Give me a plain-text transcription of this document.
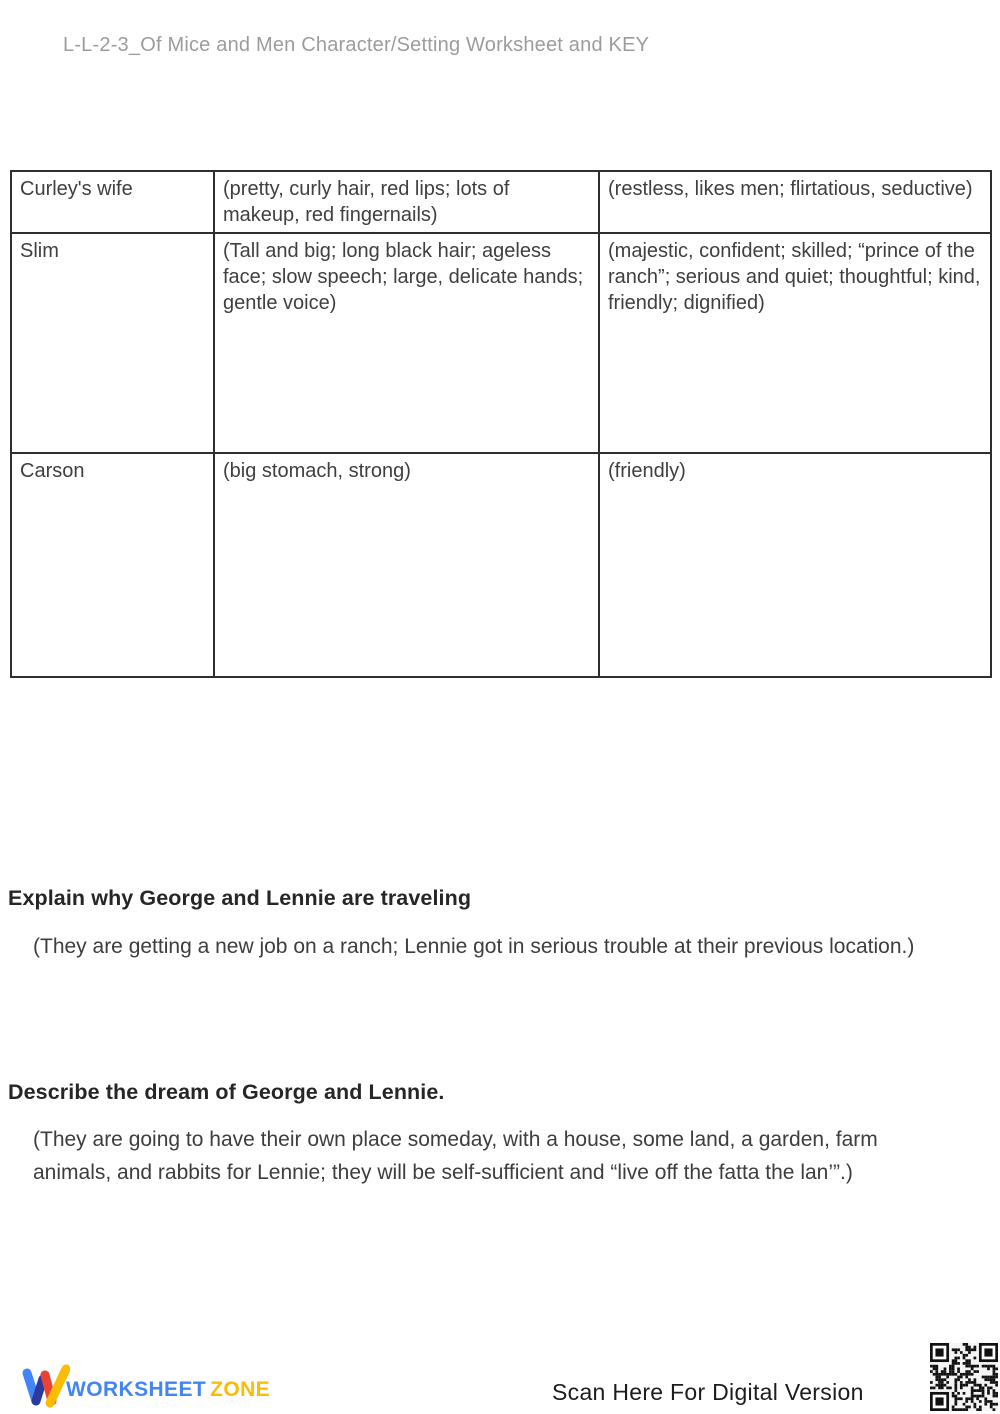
L-L-2-3_Of Mice and Men Character/Setting Worksheet and KEY
Curley's wife	(pretty, curly hair, red lips; lots of makeup, red fingernails)	(restless, likes men; flirtatious, seductive)
Slim	(Tall and big; long black hair; ageless face; slow speech; large, delicate hands; gentle voice)	(majestic, confident; skilled; “prince of the ranch”; serious and quiet; thoughtful; kind, friendly; dignified)
Carson	(big stomach, strong)	(friendly)
Explain why George and Lennie are traveling
(They are getting a new job on a ranch; Lennie got in serious trouble at their previous location.)
Describe the dream of George and Lennie.
(They are going to have their own place someday, with a house, some land, a garden, farm animals, and rabbits for Lennie; they will be self-sufficient and “live off the fatta the lan’”.)
WORKSHEET ZONE	Scan Here For Digital Version
